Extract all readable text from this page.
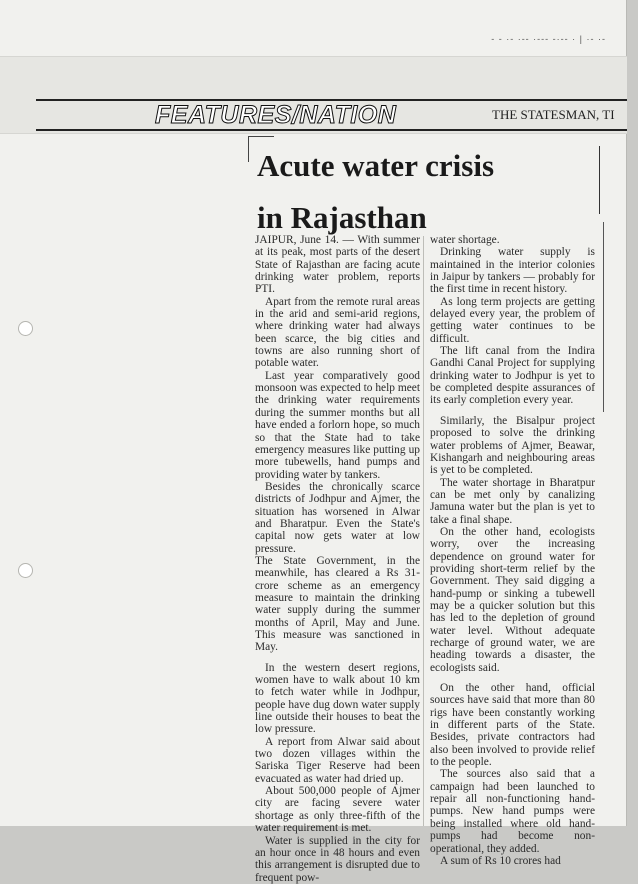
- - ·- ·-- ·--- -·-- · | ·- ·-
FEATURES/NATION	THE STATESMAN, TI
Acute water crisis
in Rajasthan

JAIPUR, June 14. — With summer at its peak, most parts of the desert State of Rajasthan are facing acute drinking water problem, reports PTI.

Apart from the remote rural areas in the arid and semi-arid regions, where drinking water had always been scarce, the big cities and towns are also running short of potable water.

Last year comparatively good monsoon was expected to help meet the drinking water requirements during the summer months but all have ended a forlorn hope, so much so that the State had to take emergency measures like putting up more tubewells, hand pumps and providing water by tankers.

Besides the chronically scarce districts of Jodhpur and Ajmer, the situation has worsened in Alwar and Bharatpur. Even the State's capital now gets water at low pressure.

The State Government, in the meanwhile, has cleared a Rs 31-crore scheme as an emergency measure to maintain the drinking water supply during the summer months of April, May and June. This measure was sanctioned in May.

In the western desert regions, women have to walk about 10 km to fetch water while in Jodhpur, people have dug down water supply line outside their houses to beat the low pressure.

A report from Alwar said about two dozen villages within the Sariska Tiger Reserve had been evacuated as water had dried up.

About 500,000 people of Ajmer city are facing severe water shortage as only three-fifth of the water requirement is met.

Water is supplied in the city for an hour once in 48 hours and even this arrangement is disrupted due to frequent pow-

water shortage.

Drinking water supply is maintained in the interior colonies in Jaipur by tankers — probably for the first time in recent history.

As long term projects are getting delayed every year, the problem of getting water continues to be difficult.

The lift canal from the Indira Gandhi Canal Project for supplying drinking water to Jodhpur is yet to be completed despite assurances of its early completion every year.

Similarly, the Bisalpur project proposed to solve the drinking water problems of Ajmer, Beawar, Kishangarh and neighbouring areas is yet to be completed.

The water shortage in Bharatpur can be met only by canalizing Jamuna water but the plan is yet to take a final shape.

On the other hand, ecologists worry, over the increasing dependence on ground water for providing short-term relief by the Government. They said digging a hand-pump or sinking a tubewell may be a quicker solution but this has led to the depletion of ground water level. Without adequate recharge of ground water, we are heading towards a disaster, the ecologists said.

On the other hand, official sources have said that more than 80 rigs have been constantly working in different parts of the State. Besides, private contractors had also been involved to provide relief to the people.

The sources also said that a campaign had been launched to repair all non-functioning hand-pumps. New hand pumps were being installed where old hand-pumps had become non-operational, they added.

A sum of Rs 10 crores had
